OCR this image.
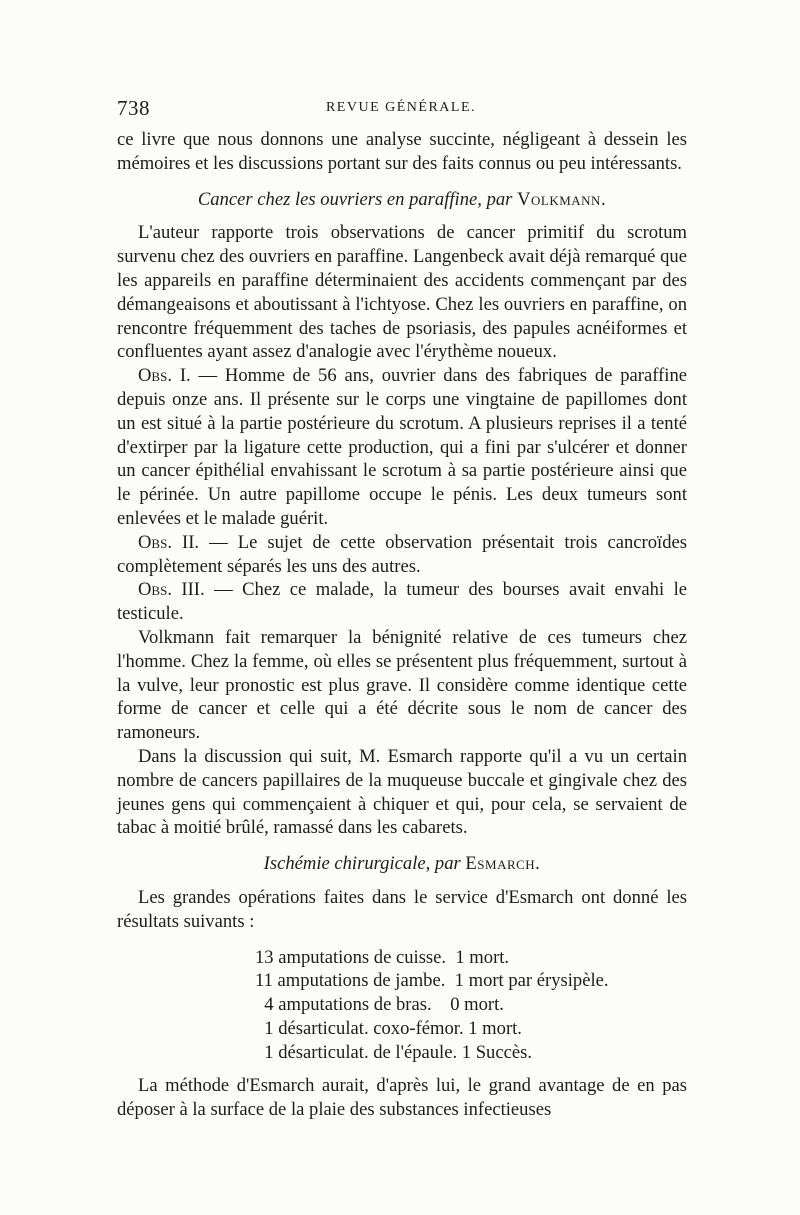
738	REVUE GÉNÉRALE.

ce livre que nous donnons une analyse succinte, négligeant à dessein les mémoires et les discussions portant sur des faits connus ou peu intéressants.

Cancer chez les ouvriers en paraffine, par Volkmann.

L'auteur rapporte trois observations de cancer primitif du scrotum survenu chez des ouvriers en paraffine. Langenbeck avait déjà remarqué que les appareils en paraffine déterminaient des accidents commençant par des démangeaisons et aboutissant à l'ichtyose. Chez les ouvriers en paraffine, on rencontre fréquemment des taches de psoriasis, des papules acnéiformes et confluentes ayant assez d'analogie avec l'érythème noueux.

Obs. I. — Homme de 56 ans, ouvrier dans des fabriques de paraffine depuis onze ans. Il présente sur le corps une vingtaine de papillomes dont un est situé à la partie postérieure du scrotum. A plusieurs reprises il a tenté d'extirper par la ligature cette production, qui a fini par s'ulcérer et donner un cancer épithélial envahissant le scrotum à sa partie postérieure ainsi que le périnée. Un autre papillome occupe le pénis. Les deux tumeurs sont enlevées et le malade guérit.

Obs. II. — Le sujet de cette observation présentait trois cancroïdes complètement séparés les uns des autres.

Obs. III. — Chez ce malade, la tumeur des bourses avait envahi le testicule.

Volkmann fait remarquer la bénignité relative de ces tumeurs chez l'homme. Chez la femme, où elles se présentent plus fréquemment, surtout à la vulve, leur pronostic est plus grave. Il considère comme identique cette forme de cancer et celle qui a été décrite sous le nom de cancer des ramoneurs.

Dans la discussion qui suit, M. Esmarch rapporte qu'il a vu un certain nombre de cancers papillaires de la muqueuse buccale et gingivale chez des jeunes gens qui commençaient à chiquer et qui, pour cela, se servaient de tabac à moitié brûlé, ramassé dans les cabarets.

Ischémie chirurgicale, par Esmarch.

Les grandes opérations faites dans le service d'Esmarch ont donné les résultats suivants :

13 amputations de cuisse.  1 mort.
11 amputations de jambe.  1 mort par érysipèle.
4 amputations de bras.    0 mort.
1 désarticulat. coxo-fémor. 1 mort.
1 désarticulat. de l'épaule. 1 Succès.

La méthode d'Esmarch aurait, d'après lui, le grand avantage de en pas déposer à la surface de la plaie des substances infectieuses
